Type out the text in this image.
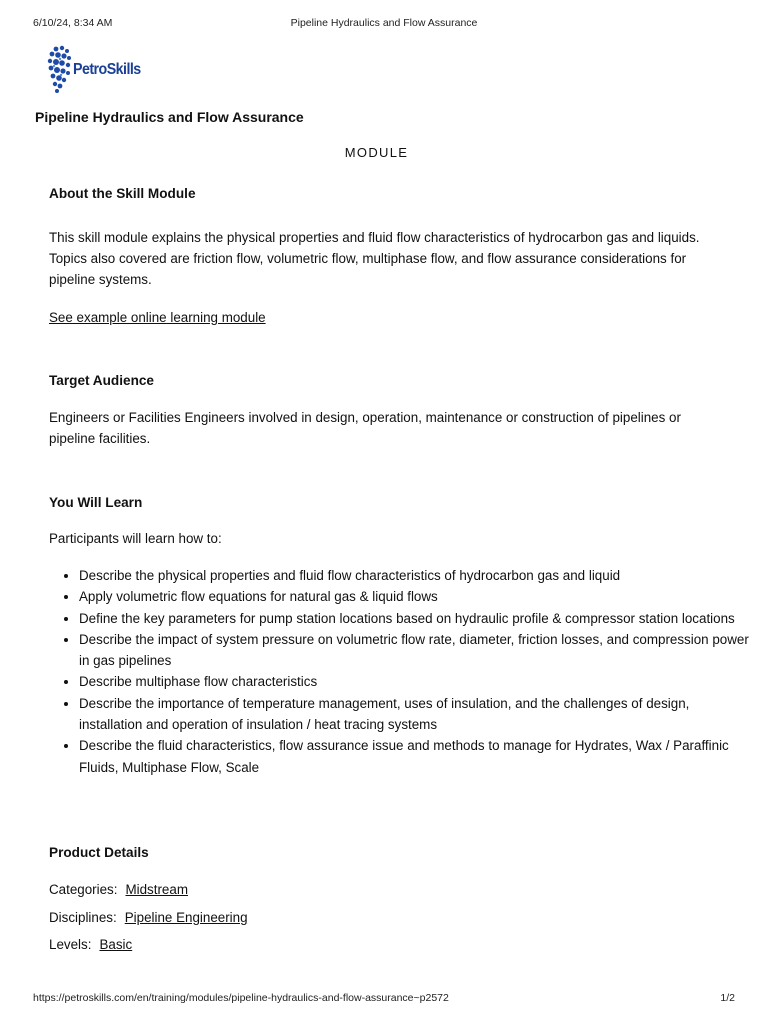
6/10/24, 8:34 AM	Pipeline Hydraulics and Flow Assurance
PetroSkills
Pipeline Hydraulics and Flow Assurance
MODULE
About the Skill Module

This skill module explains the physical properties and fluid flow characteristics of hydrocarbon gas and liquids. Topics also covered are friction flow, volumetric flow, multiphase flow, and flow assurance considerations for pipeline systems.

See example online learning module
Target Audience

Engineers or Facilities Engineers involved in design, operation, maintenance or construction of pipelines or pipeline facilities.

You Will Learn

Participants will learn how to:

• Describe the physical properties and fluid flow characteristics of hydrocarbon gas and liquid
• Apply volumetric flow equations for natural gas & liquid flows
• Define the key parameters for pump station locations based on hydraulic profile & compressor station locations
• Describe the impact of system pressure on volumetric flow rate, diameter, friction losses, and compression power in gas pipelines
• Describe multiphase flow characteristics
• Describe the importance of temperature management, uses of insulation, and the challenges of design, installation and operation of insulation / heat tracing systems
• Describe the fluid characteristics, flow assurance issue and methods to manage for Hydrates, Wax / Paraffinic Fluids, Multiphase Flow, Scale
Product Details
Categories: Midstream
Disciplines: Pipeline Engineering
Levels: Basic
https://petroskills.com/en/training/modules/pipeline-hydraulics-and-flow-assurance~p2572	1/2
